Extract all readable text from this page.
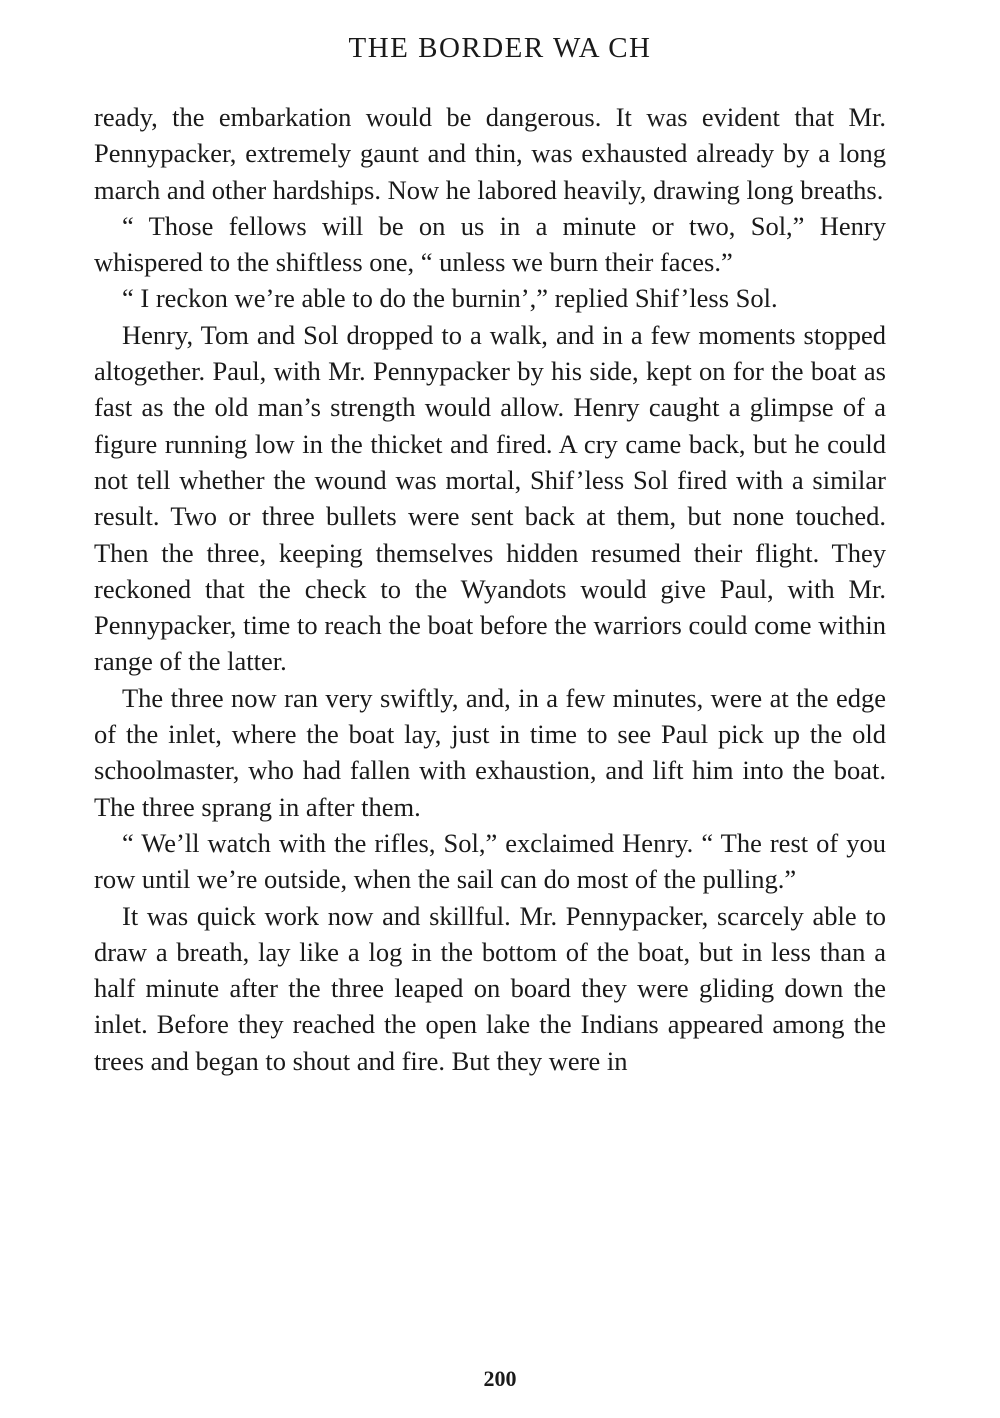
THE BORDER WA CH

ready, the embarkation would be dangerous. It was evident that Mr. Pennypacker, extremely gaunt and thin, was exhausted already by a long march and other hardships. Now he labored heavily, drawing long breaths.

“ Those fellows will be on us in a minute or two, Sol,” Henry whispered to the shiftless one, “ unless we burn their faces.”

“ I reckon we’re able to do the burnin’,” replied Shif’less Sol.

Henry, Tom and Sol dropped to a walk, and in a few moments stopped altogether. Paul, with Mr. Pennypacker by his side, kept on for the boat as fast as the old man’s strength would allow. Henry caught a glimpse of a figure running low in the thicket and fired. A cry came back, but he could not tell whether the wound was mortal, Shif’less Sol fired with a similar result. Two or three bullets were sent back at them, but none touched. Then the three, keeping themselves hidden resumed their flight. They reckoned that the check to the Wyandots would give Paul, with Mr. Pennypacker, time to reach the boat before the warriors could come within range of the latter.

The three now ran very swiftly, and, in a few minutes, were at the edge of the inlet, where the boat lay, just in time to see Paul pick up the old schoolmaster, who had fallen with exhaustion, and lift him into the boat. The three sprang in after them.

“ We’ll watch with the rifles, Sol,” exclaimed Henry. “ The rest of you row until we’re outside, when the sail can do most of the pulling.”

It was quick work now and skillful. Mr. Pennypacker, scarcely able to draw a breath, lay like a log in the bottom of the boat, but in less than a half minute after the three leaped on board they were gliding down the inlet. Before they reached the open lake the Indians appeared among the trees and began to shout and fire. But they were in

200
